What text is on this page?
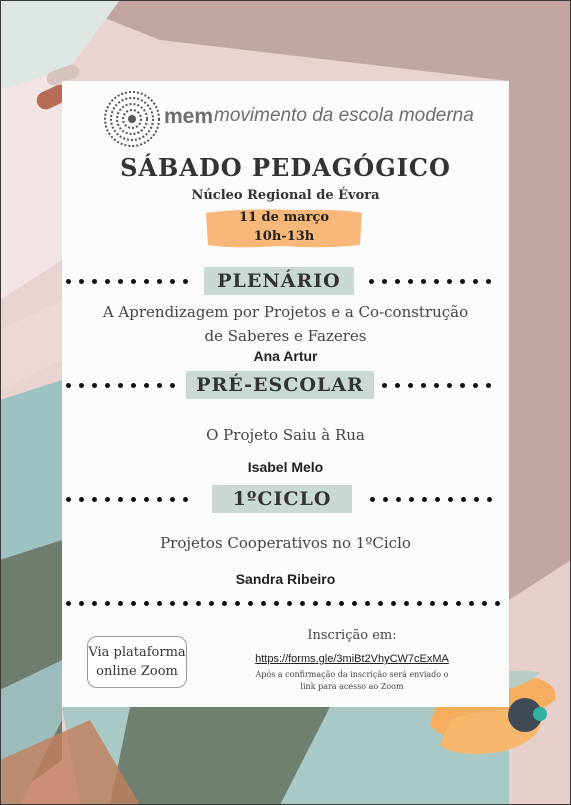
mem movimento da escola moderna
SÁBADO PEDAGÓGICO
Núcleo Regional de Évora
11 de março
10h-13h
PLENÁRIO
A Aprendizagem por Projetos e a Co-construção
de Saberes e Fazeres
Ana Artur
PRÉ-ESCOLAR
O Projeto Saiu à Rua
Isabel Melo
1ºCICLO
Projetos Cooperativos no 1ºCiclo
Sandra Ribeiro
Via plataforma
online Zoom
Inscrição em:
https://forms.gle/3miBt2VhyCW7cExMA
Após a confirmação da inscrição será enviado o
link para acesso ao Zoom
